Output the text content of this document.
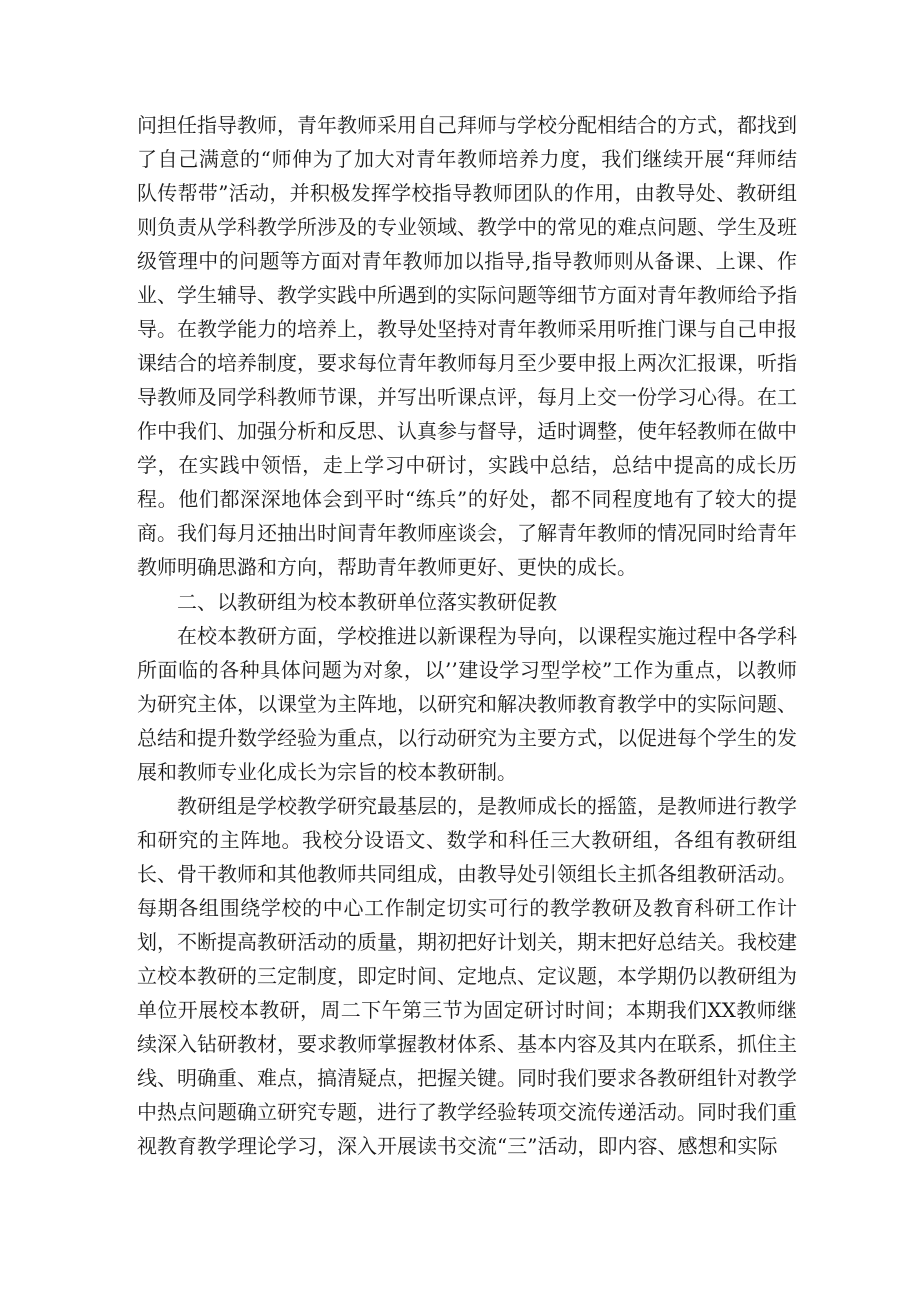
问担任指导教师，青年教师采用自己拜师与学校分配相结合的方式，都找到了自己满意的“师伸为了加大对青年教师培养力度，我们继续开展“拜师结队传帮带”活动，并积极发挥学校指导教师团队的作用，由教导处、教研组则负责从学科教学所涉及的专业领域、教学中的常见的难点问题、学生及班级管理中的问题等方面对青年教师加以指导,指导教师则从备课、上课、作业、学生辅导、教学实践中所遇到的实际问题等细节方面对青年教师给予指导。在教学能力的培养上，教导处坚持对青年教师采用听推门课与自己申报课结合的培养制度，要求每位青年教师每月至少要申报上两次汇报课，听指导教师及同学科教师节课，并写出听课点评，每月上交一份学习心得。在工作中我们、加强分析和反思、认真参与督导，适时调整，使年轻教师在做中学，在实践中领悟，走上学习中研讨，实践中总结，总结中提高的成长历程。他们都深深地体会到平时“练兵”的好处，都不同程度地有了较大的提商。我们每月还抽出时间青年教师座谈会，了解青年教师的情况同时给青年教师明确思潞和方向，帮助青年教师更好、更快的成长。

二、以教研组为校本教研单位落实教研促教

在校本教研方面，学校推进以新课程为导向，以课程实施过程中各学科所面临的各种具体问题为对象，以’’建设学习型学校”工作为重点，以教师为研究主体，以课堂为主阵地，以研究和解决教师教育教学中的实际问题、总结和提升数学经验为重点，以行动研究为主要方式，以促进每个学生的发展和教师专业化成长为宗旨的校本教研制。

教研组是学校教学研究最基层的，是教师成长的摇篮，是教师进行教学和研究的主阵地。我校分设语文、数学和科任三大教研组，各组有教研组长、骨干教师和其他教师共同组成，由教导处引领组长主抓各组教研活动。每期各组围绕学校的中心工作制定切实可行的教学教研及教育科研工作计划，不断提高教研活动的质量，期初把好计划关，期末把好总结关。我校建立校本教研的三定制度，即定时间、定地点、定议题，本学期仍以教研组为单位开展校本教研，周二下午第三节为固定研讨时间；本期我们XX教师继续深入钻研教材，要求教师掌握教材体系、基本内容及其内在联系，抓住主线、明确重、难点，搞清疑点，把握关键。同时我们要求各教研组针对教学中热点问题确立研究专题，进行了教学经验转项交流传递活动。同时我们重视教育教学理论学习，深入开展读书交流“三”活动，即内容、感想和实际
